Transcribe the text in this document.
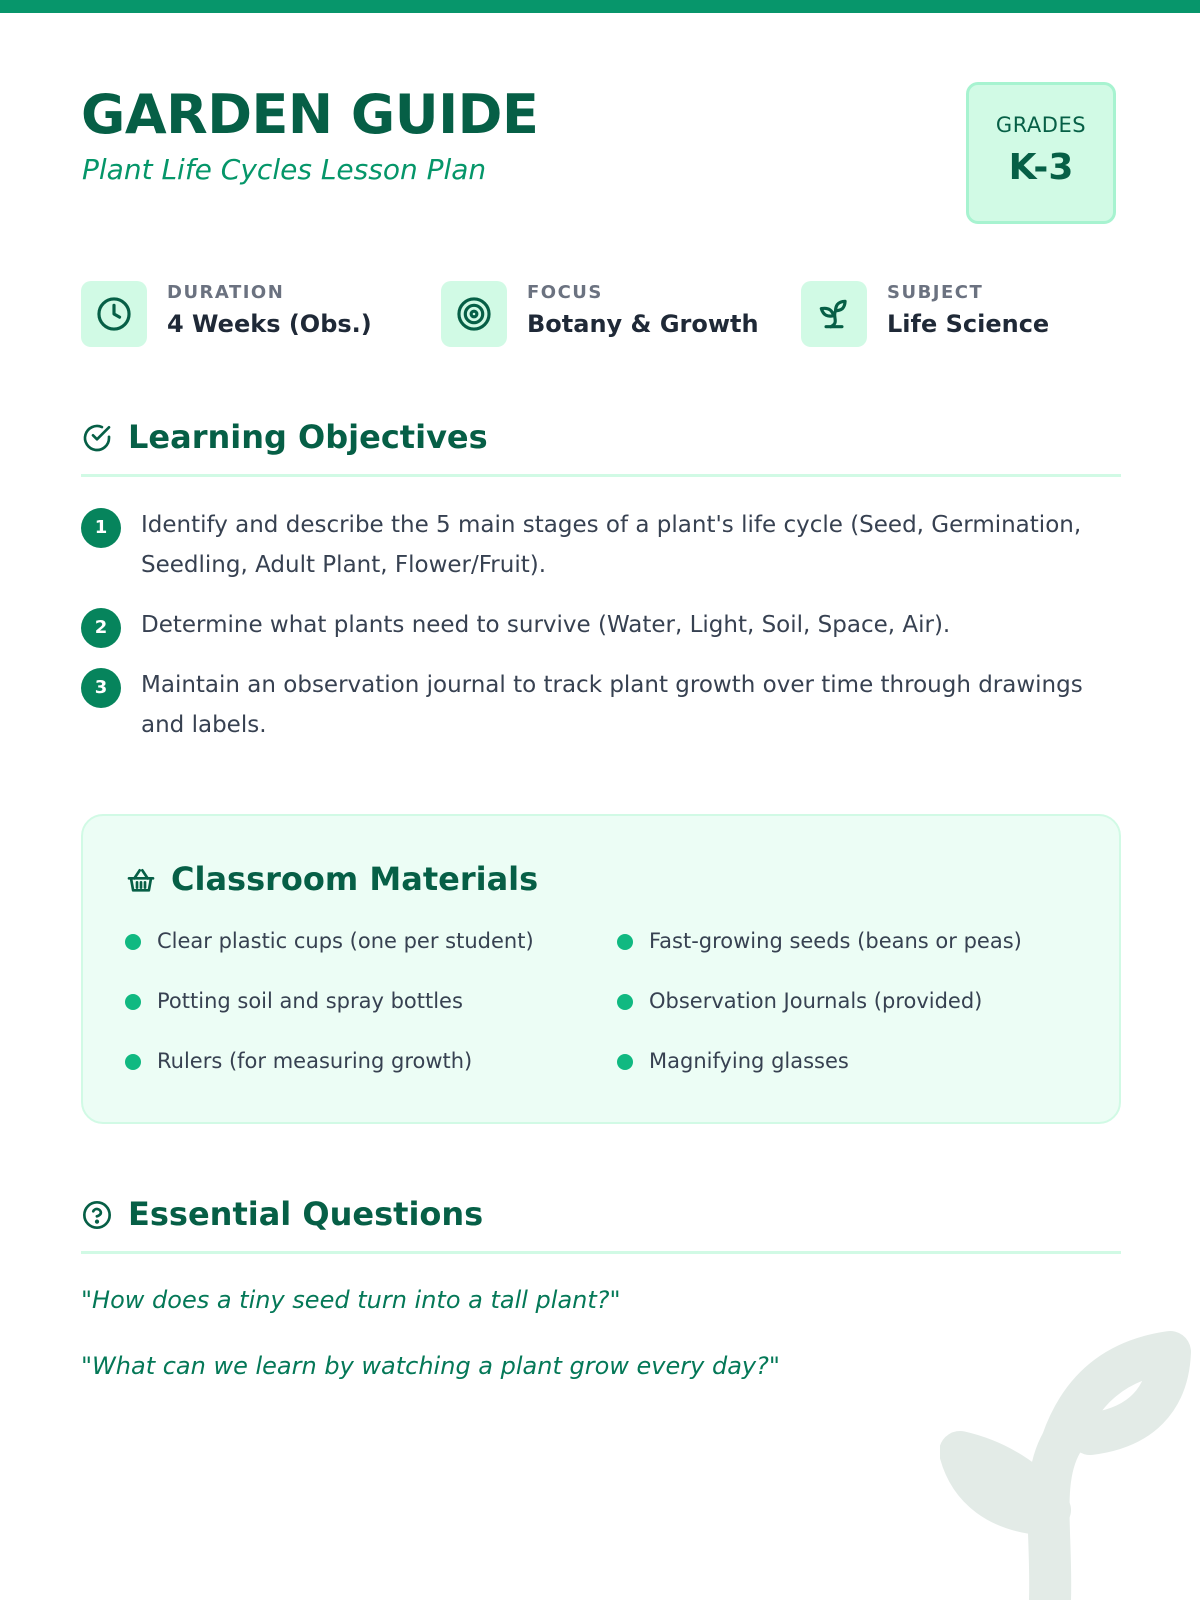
GARDEN GUIDE
Plant Life Cycles Lesson Plan
GRADES
K-3
DURATION
4 Weeks (Obs.)
FOCUS
Botany & Growth
SUBJECT
Life Science
Learning Objectives
1	Identify and describe the 5 main stages of a plant's life cycle (Seed, Germination, Seedling, Adult Plant, Flower/Fruit).
2	Determine what plants need to survive (Water, Light, Soil, Space, Air).
3	Maintain an observation journal to track plant growth over time through drawings and labels.
Classroom Materials
Clear plastic cups (one per student)	Fast-growing seeds (beans or peas)
Potting soil and spray bottles	Observation Journals (provided)
Rulers (for measuring growth)	Magnifying glasses
Essential Questions

"How does a tiny seed turn into a tall plant?"

"What can we learn by watching a plant grow every day?"
